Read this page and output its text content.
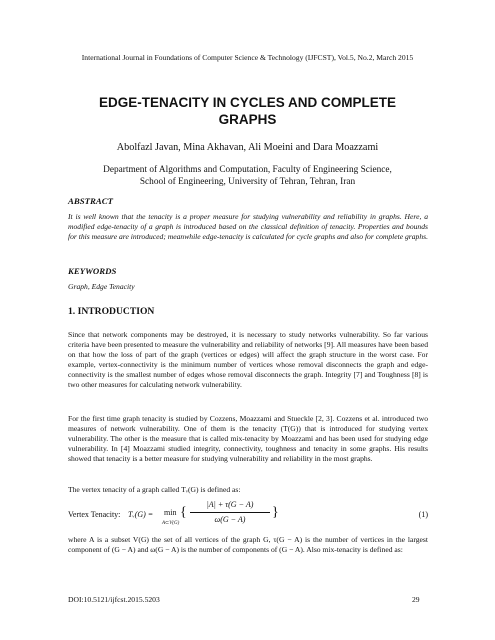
International Journal in Foundations of Computer Science & Technology (IJFCST), Vol.5, No.2, March 2015
EDGE-TENACITY IN CYCLES AND COMPLETE
GRAPHS
Abolfazl Javan, Mina Akhavan, Ali Moeini and Dara Moazzami
Department of Algorithms and Computation, Faculty of Engineering Science, School of Engineering, University of Tehran, Tehran, Iran
ABSTRACT
It is well known that the tenacity is a proper measure for studying vulnerability and reliability in graphs. Here, a modified edge-tenacity of a graph is introduced based on the classical definition of tenacity. Properties and bounds for this measure are introduced; meanwhile edge-tenacity is calculated for cycle graphs and also for complete graphs.
KEYWORDS
Graph, Edge Tenacity
1. INTRODUCTION
Since that network components may be destroyed, it is necessary to study networks vulnerability. So far various criteria have been presented to measure the vulnerability and reliability of networks [9]. All measures have been based on that how the loss of part of the graph (vertices or edges) will affect the graph structure in the worst case. For example, vertex-connectivity is the minimum number of vertices whose removal disconnects the graph and edge-connectivity is the smallest number of edges whose removal disconnects the graph. Integrity [7] and Toughness [8] is two other measures for calculating network vulnerability.
For the first time graph tenacity is studied by Cozzens, Moazzami and Stueckle [2, 3]. Cozzens et al. introduced two measures of network vulnerability. One of them is the tenacity (T(G)) that is introduced for studying vertex vulnerability. The other is the measure that is called mix-tenacity by Moazzami and has been used for studying edge vulnerability. In [4] Moazzami studied integrity, connectivity, toughness and tenacity in some graphs. His results showed that tenacity is a better measure for studying vulnerability and reliability in the most graphs.
The vertex tenacity of a graph called Tᵥ(G) is defined as:
Vertex Tenacity: Tᵥ(G) = min
A⊂V(G)
{
|A| + τ(G − A)
ω(G − A)	}	(1)
where A is a subset V(G) the set of all vertices of the graph G, τ(G − A) is the number of vertices in the largest component of (G − A) and ω(G − A) is the number of components of (G − A). Also mix-tenacity is defined as:
DOI:10.5121/ijfcst.2015.5203	29
